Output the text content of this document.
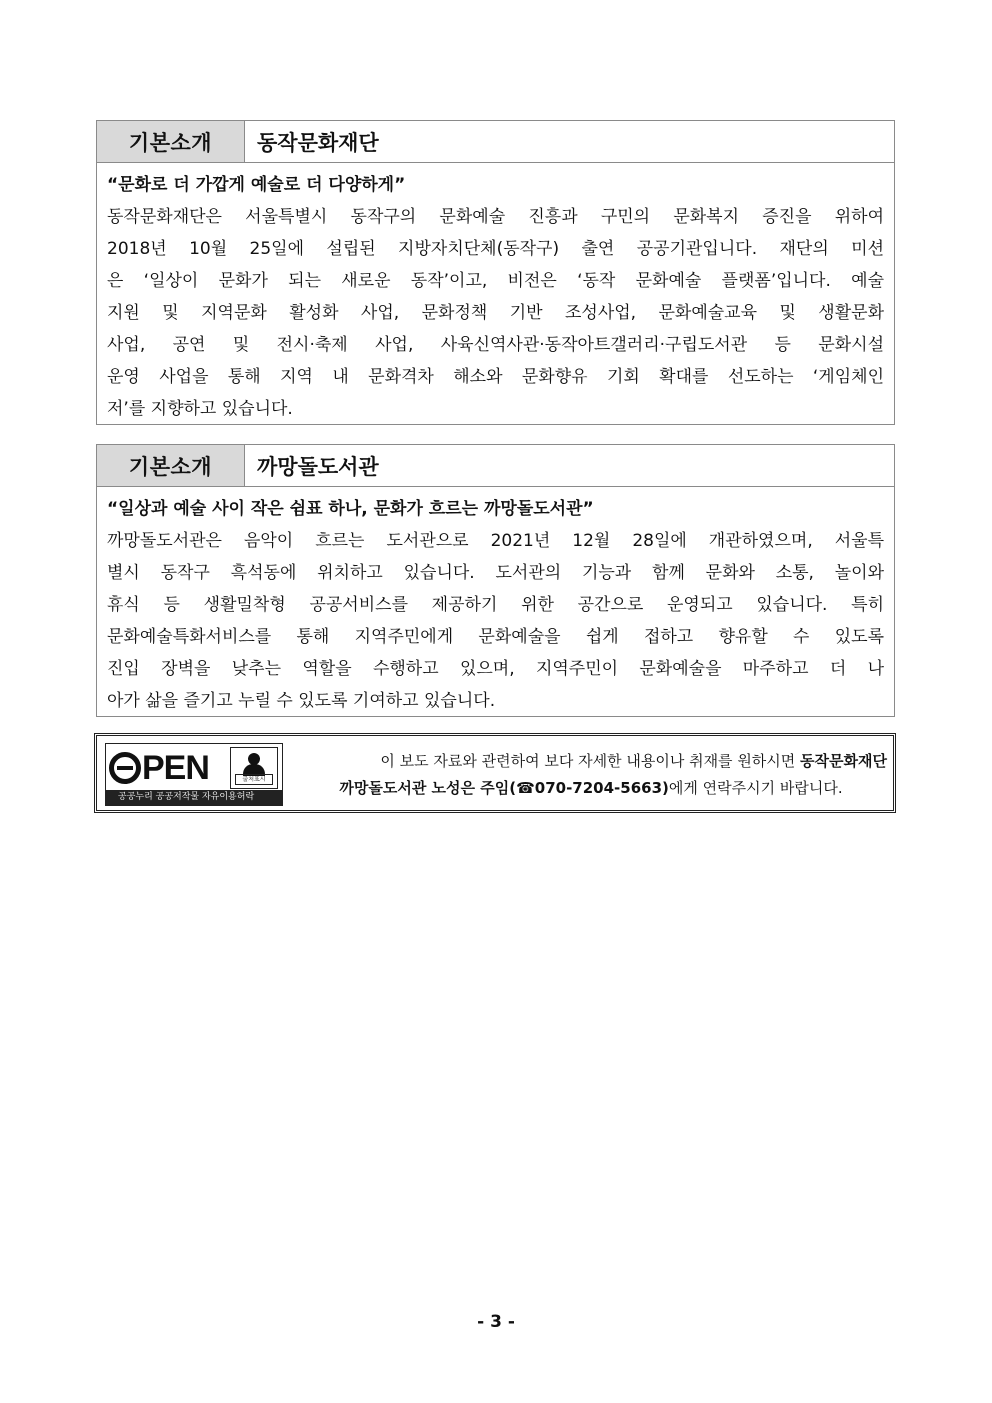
기본소개	동작문화재단
“문화로 더 가깝게 예술로 더 다양하게”
동작문화재단은 서울특별시 동작구의 문화예술 진흥과 구민의 문화복지 증진을 위하여
2018년 10월 25일에 설립된 지방자치단체(동작구) 출연 공공기관입니다. 재단의 미션
은 ‘일상이 문화가 되는 새로운 동작’이고, 비전은 ‘동작 문화예술 플랫폼’입니다. 예술
지원 및 지역문화 활성화 사업, 문화정책 기반 조성사업, 문화예술교육 및 생활문화
사업, 공연 및 전시·축제 사업, 사육신역사관·동작아트갤러리·구립도서관 등 문화시설
운영 사업을 통해 지역 내 문화격차 해소와 문화향유 기회 확대를 선도하는 ‘게임체인
저’를 지향하고 있습니다.
기본소개	까망돌도서관
“일상과 예술 사이 작은 쉼표 하나, 문화가 흐르는 까망돌도서관”
까망돌도서관은 음악이 흐르는 도서관으로 2021년 12월 28일에 개관하였으며, 서울특
별시 동작구 흑석동에 위치하고 있습니다. 도서관의 기능과 함께 문화와 소통, 놀이와
휴식 등 생활밀착형 공공서비스를 제공하기 위한 공간으로 운영되고 있습니다. 특히
문화예술특화서비스를 통해 지역주민에게 문화예술을 쉽게 접하고 향유할 수 있도록
진입 장벽을 낮추는 역할을 수행하고 있으며, 지역주민이 문화예술을 마주하고 더 나
아가 삶을 즐기고 누릴 수 있도록 기여하고 있습니다.
PEN	출처표시
공공누리 공공저작물 자유이용허락
이 보도 자료와 관련하여 보다 자세한 내용이나 취재를 원하시면 동작문화재단
까망돌도서관 노성은 주임(☎070-7204-5663)에게 연락주시기 바랍니다.
- 3 -
